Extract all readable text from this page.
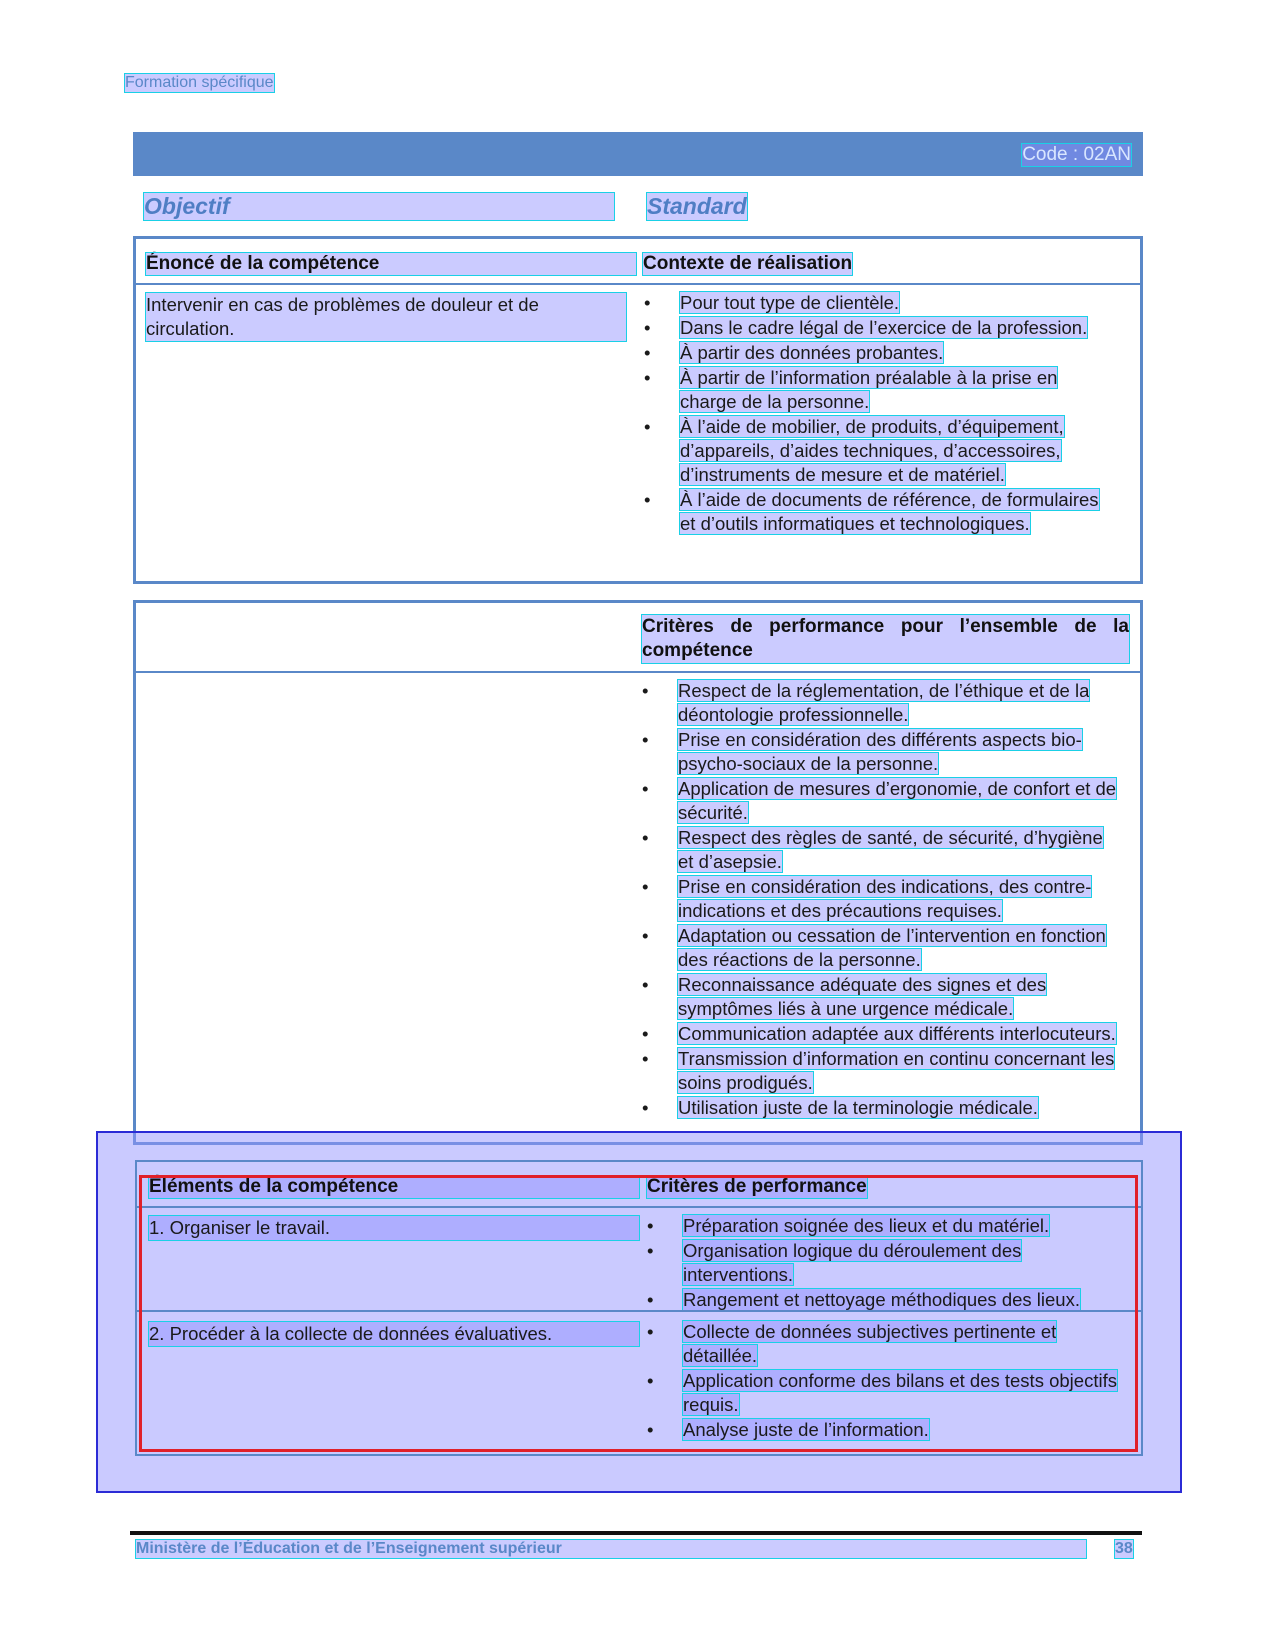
Formation spécifique
Code : 02AN
Objectif	Standard
Énoncé de la compétence	Contexte de réalisation
Intervenir en cas de problèmes de douleur et de circulation.
• Pour tout type de clientèle.
• Dans le cadre légal de l’exercice de la profession.
• À partir des données probantes.
• À partir de l’information préalable à la prise en charge de la personne.
• À l’aide de mobilier, de produits, d’équipement, d’appareils, d’aides techniques, d’accessoires, d’instruments de mesure et de matériel.
• À l’aide de documents de référence, de formulaires et d’outils informatiques et technologiques.
Critères de performance pour l’ensemble de la compétence
• Respect de la réglementation, de l’éthique et de la déontologie professionnelle.
• Prise en considération des différents aspects bio-psycho-sociaux de la personne.
• Application de mesures d’ergonomie, de confort et de sécurité.
• Respect des règles de santé, de sécurité, d’hygiène et d’asepsie.
• Prise en considération des indications, des contre-indications et des précautions requises.
• Adaptation ou cessation de l’intervention en fonction des réactions de la personne.
• Reconnaissance adéquate des signes et des symptômes liés à une urgence médicale.
• Communication adaptée aux différents interlocuteurs.
• Transmission d’information en continu concernant les soins prodigués.
• Utilisation juste de la terminologie médicale.
Éléments de la compétence	Critères de performance
1. Organiser le travail.	• Préparation soignée des lieux et du matériel.
• Organisation logique du déroulement des interventions.
• Rangement et nettoyage méthodiques des lieux.
2. Procéder à la collecte de données évaluatives.	• Collecte de données subjectives pertinente et détaillée.
• Application conforme des bilans et des tests objectifs requis.
• Analyse juste de l’information.
Ministère de l’Éducation et de l’Enseignement supérieur	38
